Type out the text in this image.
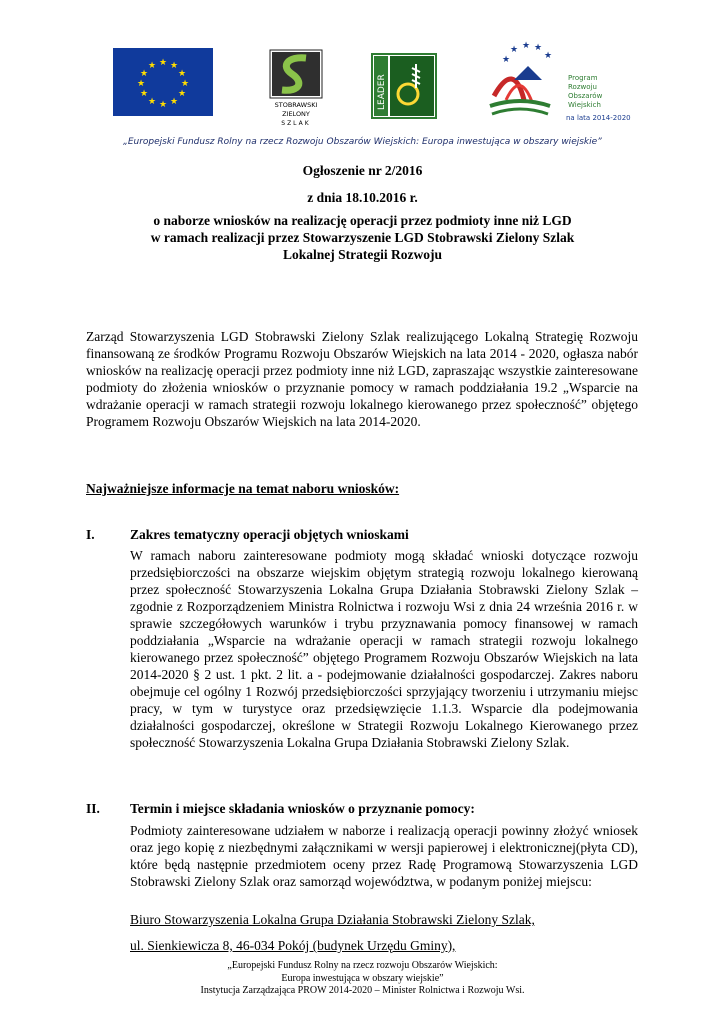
★ ★
★
★
★
★
★
★
★
★
★
★
STOBRAWSKI
ZIELONY
SZLAK
LEADER
★
★ ★ ★
★
Program
Rozwoju
Obszarów
Wiejskich
na lata 2014-2020
„Europejski Fundusz Rolny na rzecz Rozwoju Obszarów Wiejskich: Europa inwestująca w obszary wiejskie”
Ogłoszenie nr 2/2016
z dnia 18.10.2016 r.
o naborze wniosków na realizację operacji przez podmioty inne niż LGD
w ramach realizacji przez Stowarzyszenie LGD Stobrawski Zielony Szlak
Lokalnej Strategii Rozwoju
Zarząd Stowarzyszenia LGD Stobrawski Zielony Szlak realizującego Lokalną Strategię Rozwoju finansowaną ze środków Programu Rozwoju Obszarów Wiejskich na lata 2014 - 2020, ogłasza nabór wniosków na realizację operacji przez podmioty inne niż LGD, zapraszając wszystkie zainteresowane podmioty do złożenia wniosków o przyznanie pomocy w ramach poddziałania 19.2 „Wsparcie na wdrażanie operacji w ramach strategii rozwoju lokalnego kierowanego przez społeczność” objętego Programem Rozwoju Obszarów Wiejskich na lata 2014-2020.
Najważniejsze informacje na temat naboru wniosków:
I.	Zakres tematyczny operacji objętych wnioskami
W ramach naboru zainteresowane podmioty mogą składać wnioski dotyczące rozwoju przedsiębiorczości na obszarze wiejskim objętym strategią rozwoju lokalnego kierowaną przez społeczność Stowarzyszenia Lokalna Grupa Działania Stobrawski Zielony Szlak – zgodnie z Rozporządzeniem Ministra Rolnictwa i rozwoju Wsi z dnia 24 września 2016 r. w sprawie szczegółowych warunków i trybu przyznawania pomocy finansowej w ramach poddziałania „Wsparcie na wdrażanie operacji w ramach strategii rozwoju lokalnego kierowanego przez społeczność” objętego Programem Rozwoju Obszarów Wiejskich na lata 2014-2020 § 2 ust. 1 pkt. 2 lit. a - podejmowanie działalności gospodarczej. Zakres naboru obejmuje cel ogólny 1 Rozwój przedsiębiorczości sprzyjający tworzeniu i utrzymaniu miejsc pracy, w tym w turystyce oraz przedsięwzięcie 1.1.3. Wsparcie dla podejmowania działalności gospodarczej, określone w Strategii Rozwoju Lokalnego Kierowanego przez społeczność Stowarzyszenia Lokalna Grupa Działania Stobrawski Zielony Szlak.
II. Termin i miejsce składania wniosków o przyznanie pomocy:
Podmioty zainteresowane udziałem w naborze i realizacją operacji powinny złożyć wniosek oraz jego kopię z niezbędnymi załącznikami w wersji papierowej i elektronicznej(płyta CD), które będą następnie przedmiotem oceny przez Radę Programową Stowarzyszenia LGD Stobrawski Zielony Szlak oraz samorząd województwa, w podanym poniżej miejscu:
Biuro Stowarzyszenia Lokalna Grupa Działania Stobrawski Zielony Szlak,
ul. Sienkiewicza 8, 46-034 Pokój (budynek Urzędu Gminy),
„Europejski Fundusz Rolny na rzecz rozwoju Obszarów Wiejskich:
Europa inwestująca w obszary wiejskie”
Instytucja Zarządzająca PROW 2014-2020 – Minister Rolnictwa i Rozwoju Wsi.
